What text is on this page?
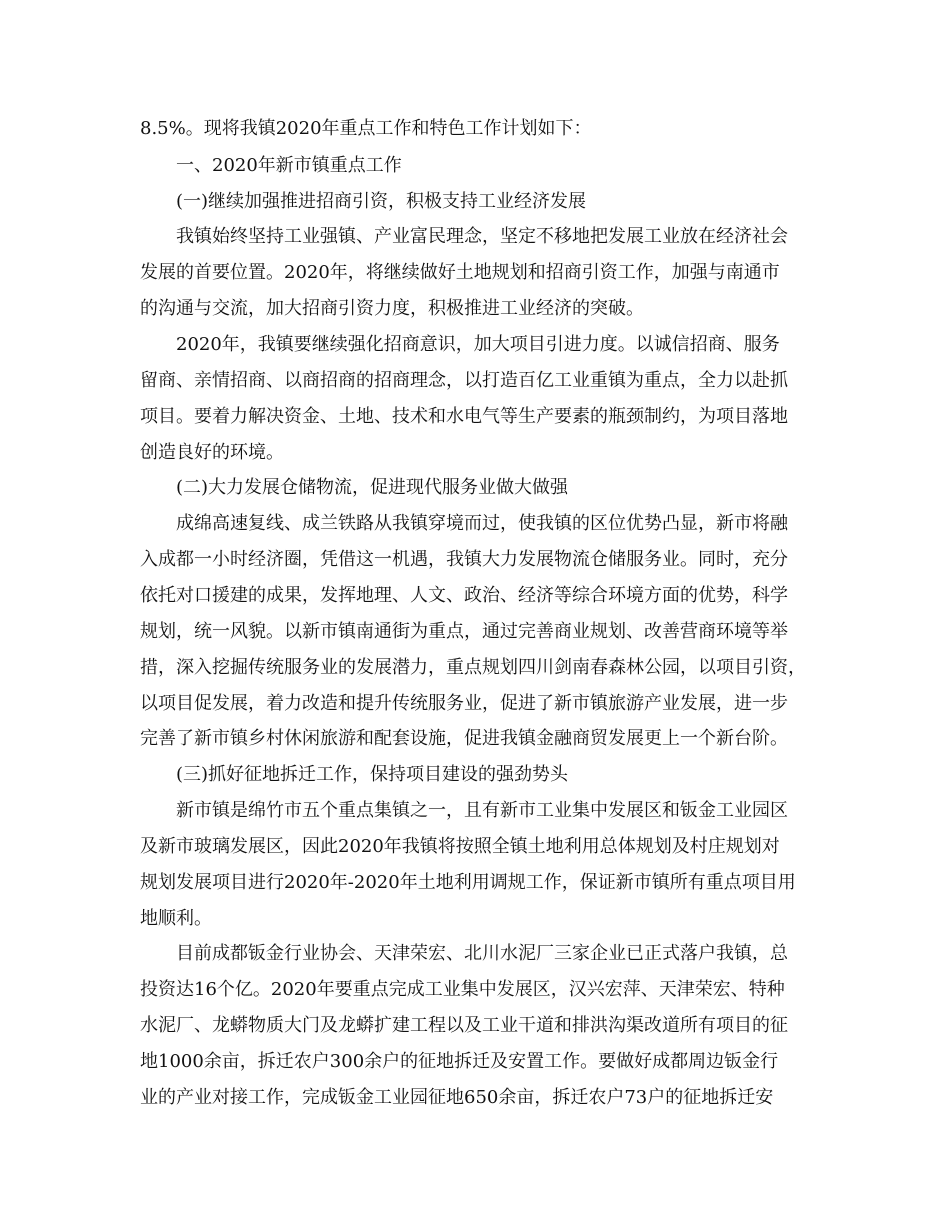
8.5%。现将我镇2020年重点工作和特色工作计划如下：
一、2020年新市镇重点工作
(一)继续加强推进招商引资，积极支持工业经济发展
我镇始终坚持工业强镇、产业富民理念，坚定不移地把发展工业放在经济社会
发展的首要位置。2020年，将继续做好土地规划和招商引资工作，加强与南通市
的沟通与交流，加大招商引资力度，积极推进工业经济的突破。
2020年，我镇要继续强化招商意识，加大项目引进力度。以诚信招商、服务
留商、亲情招商、以商招商的招商理念，以打造百亿工业重镇为重点，全力以赴抓
项目。要着力解决资金、土地、技术和水电气等生产要素的瓶颈制约，为项目落地
创造良好的环境。
(二)大力发展仓储物流，促进现代服务业做大做强
成绵高速复线、成兰铁路从我镇穿境而过，使我镇的区位优势凸显，新市将融
入成都一小时经济圈，凭借这一机遇，我镇大力发展物流仓储服务业。同时，充分
依托对口援建的成果，发挥地理、人文、政治、经济等综合环境方面的优势，科学
规划，统一风貌。以新市镇南通街为重点，通过完善商业规划、改善营商环境等举
措，深入挖掘传统服务业的发展潜力，重点规划四川剑南春森林公园，以项目引资，
以项目促发展，着力改造和提升传统服务业，促进了新市镇旅游产业发展，进一步
完善了新市镇乡村休闲旅游和配套设施，促进我镇金融商贸发展更上一个新台阶。
(三)抓好征地拆迁工作，保持项目建设的强劲势头
新市镇是绵竹市五个重点集镇之一，且有新市工业集中发展区和钣金工业园区
及新市玻璃发展区，因此2020年我镇将按照全镇土地利用总体规划及村庄规划对
规划发展项目进行2020年-2020年土地利用调规工作，保证新市镇所有重点项目用
地顺利。
目前成都钣金行业协会、天津荣宏、北川水泥厂三家企业已正式落户我镇，总
投资达16个亿。2020年要重点完成工业集中发展区，汉兴宏萍、天津荣宏、特种
水泥厂、龙蟒物质大门及龙蟒扩建工程以及工业干道和排洪沟渠改道所有项目的征
地1000余亩，拆迁农户300余户的征地拆迁及安置工作。要做好成都周边钣金行
业的产业对接工作，完成钣金工业园征地650余亩，拆迁农户73户的征地拆迁安
